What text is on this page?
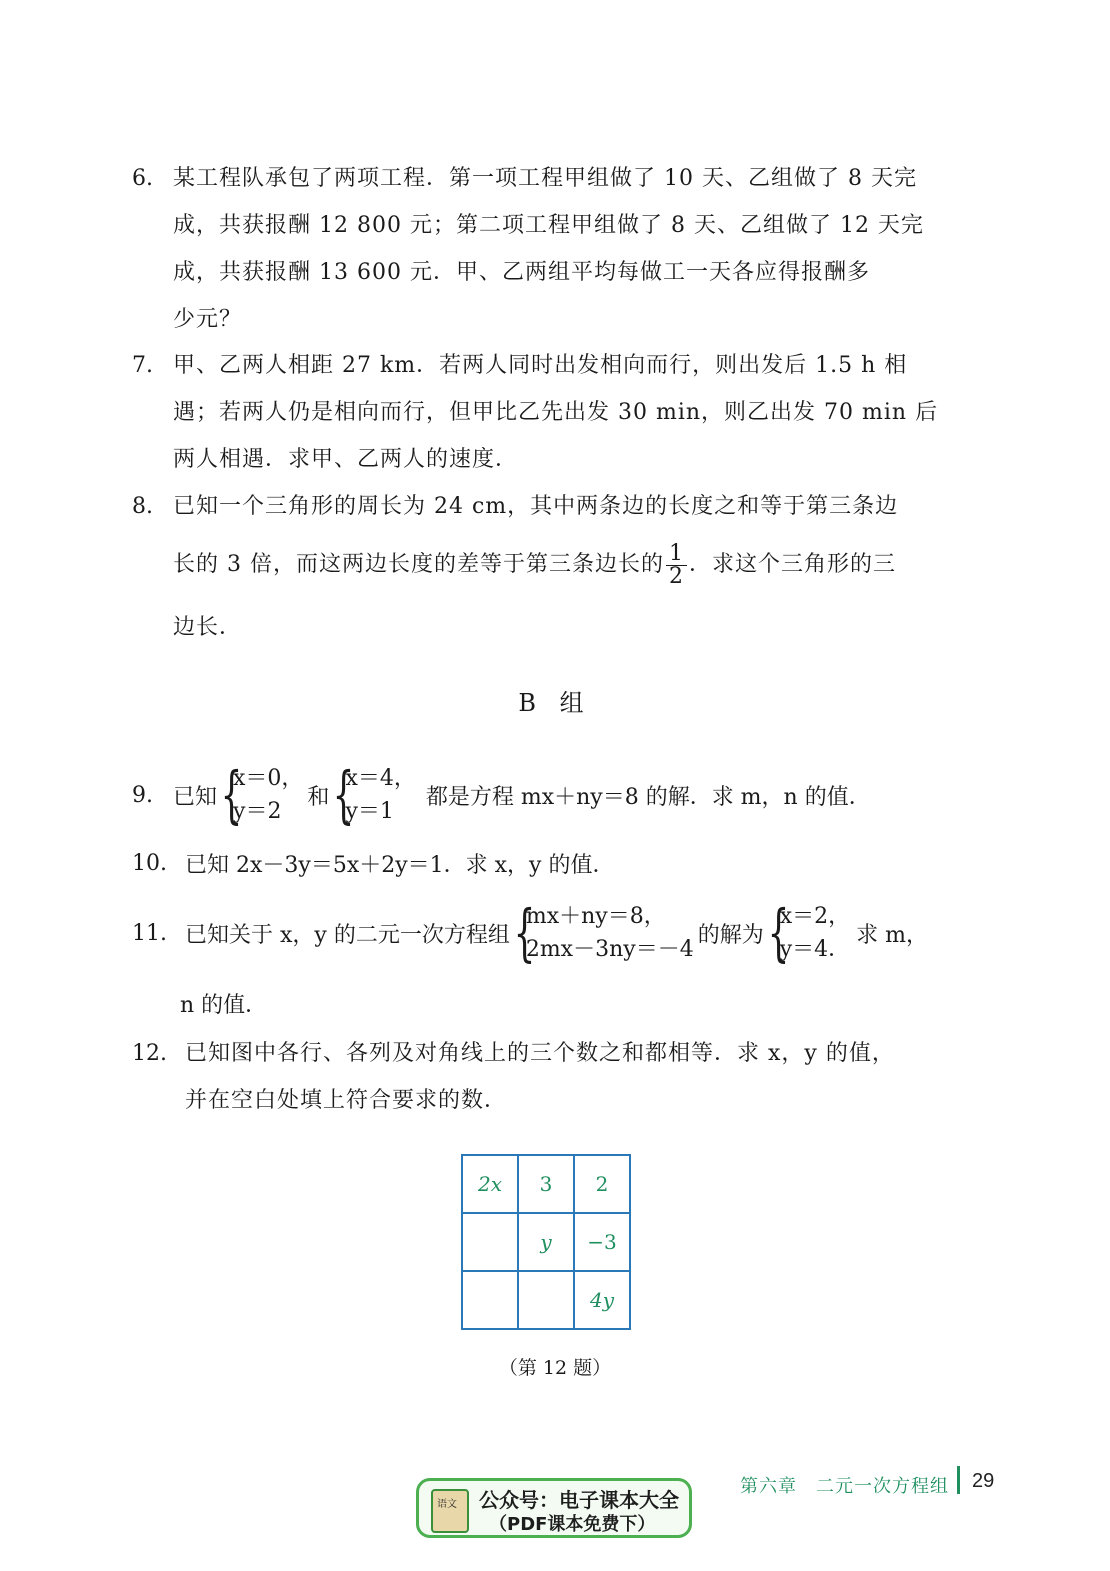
6. 某工程队承包了两项工程．第一项工程甲组做了 10 天、乙组做了 8 天完
成，共获报酬 12 800 元；第二项工程甲组做了 8 天、乙组做了 12 天完
成，共获报酬 13 600 元．甲、乙两组平均每做工一天各应得报酬多
少元？
7. 甲、乙两人相距 27 km．若两人同时出发相向而行，则出发后 1.5 h 相
遇；若两人仍是相向而行，但甲比乙先出发 30 min，则乙出发 70 min 后
两人相遇．求甲、乙两人的速度．
8. 已知一个三角形的周长为 24 cm，其中两条边的长度之和等于第三条边
长的 3 倍，而这两边长度的差等于第三条边长的 $\frac{1}{2}$ ．求这个三角形的三
边长．
B 组
9. 已知 {
x＝0，
y＝2
和 {
x＝4，
y＝1
都是方程 mx＋ny＝8 的解．求 m，n 的值．
10. 已知 2x－3y＝5x＋2y＝1．求 x，y 的值．
11. 已知关于 x，y 的二元一次方程组 {
mx＋ny＝8，
2mx－3ny＝－4
的解为 {
x＝2，
y＝4．
求 m，
n 的值．
12. 已知图中各行、各列及对角线上的三个数之和都相等．求 x，y 的值，
并在空白处填上符合要求的数．
2x	3	2
	y	−3
		4y
（第 12 题）
第六章　二元一次方程组 29
语文 公众号：电子课本大全
（PDF课本免费下）
